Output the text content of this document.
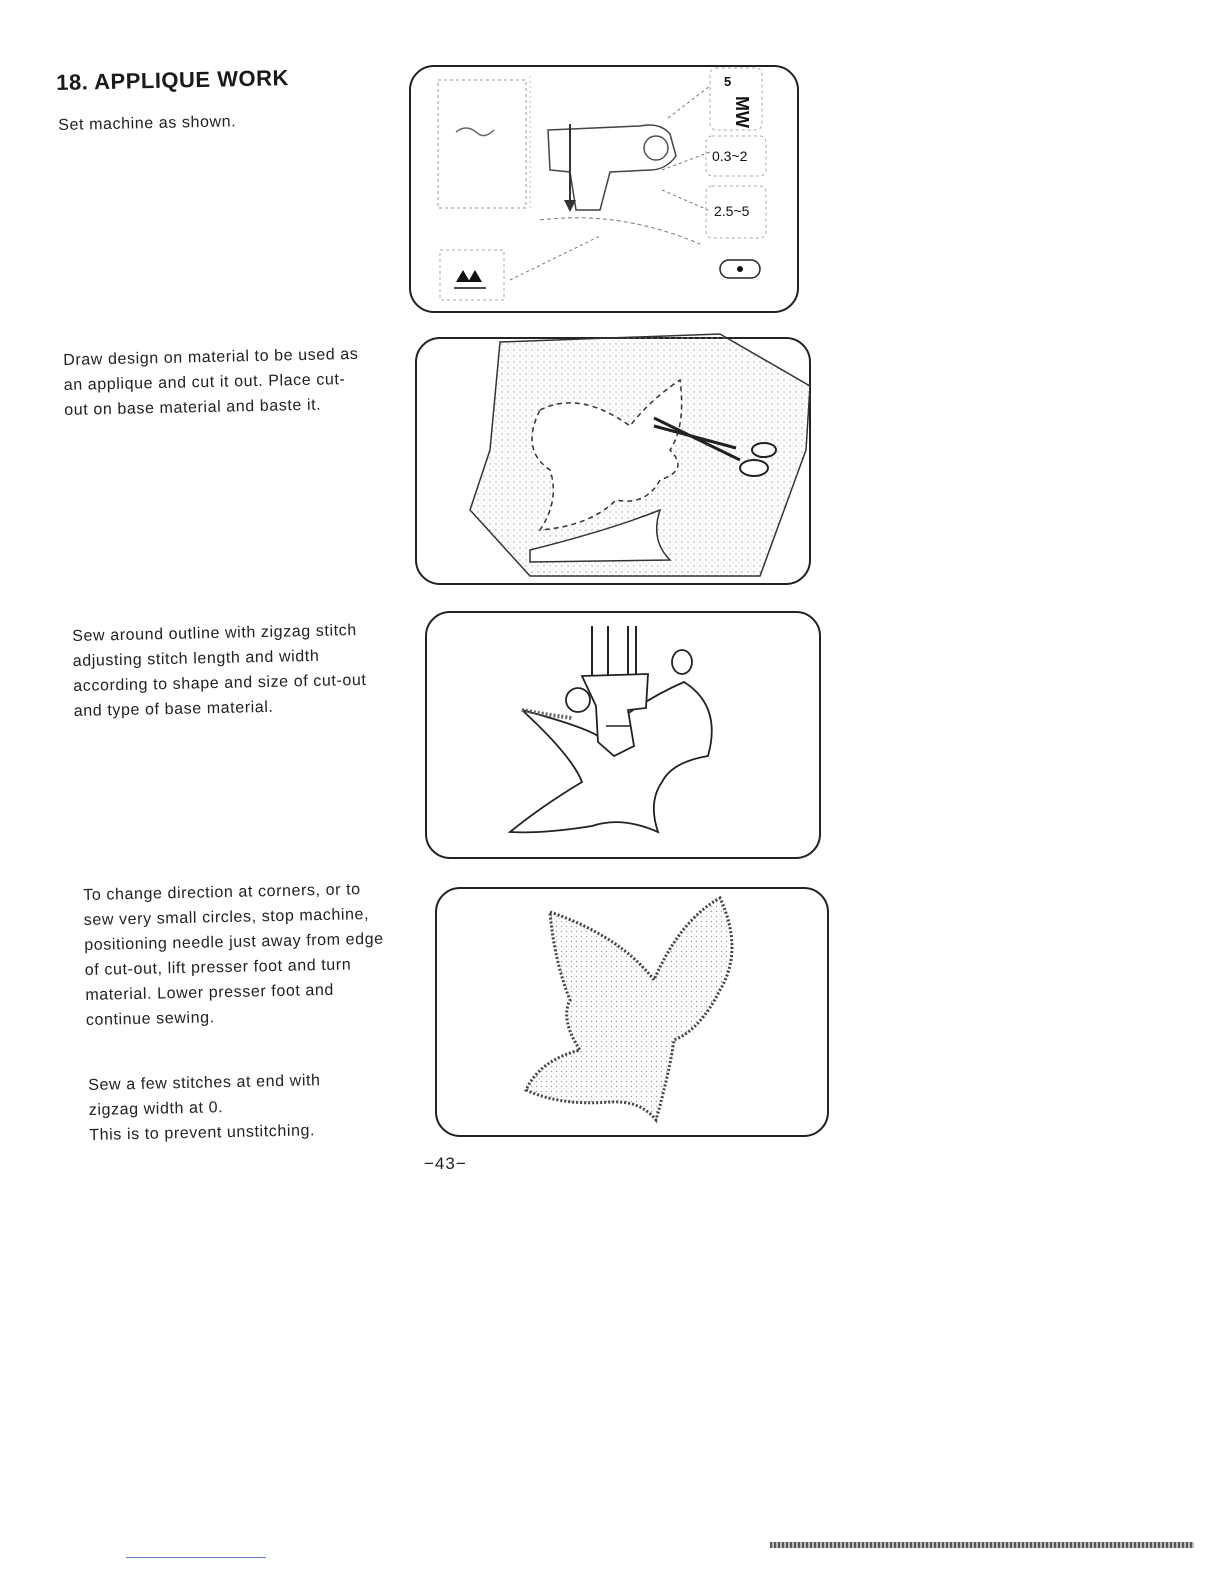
18. APPLIQUE WORK

Set machine as shown.

Draw design on material to be used as an applique and cut it out. Place cut-out on base material and baste it.

Sew around outline with zigzag stitch adjusting stitch length and width according to shape and size of cut-out and type of base material.

To change direction at corners, or to sew very small circles, stop machine, positioning needle just away from edge of cut-out, lift presser foot and turn material. Lower presser foot and continue sewing.

Sew a few stitches at end with
zigzag width at 0.
This is to prevent unstitching.
MW
5
0.3~2
2.5~5
−43−
